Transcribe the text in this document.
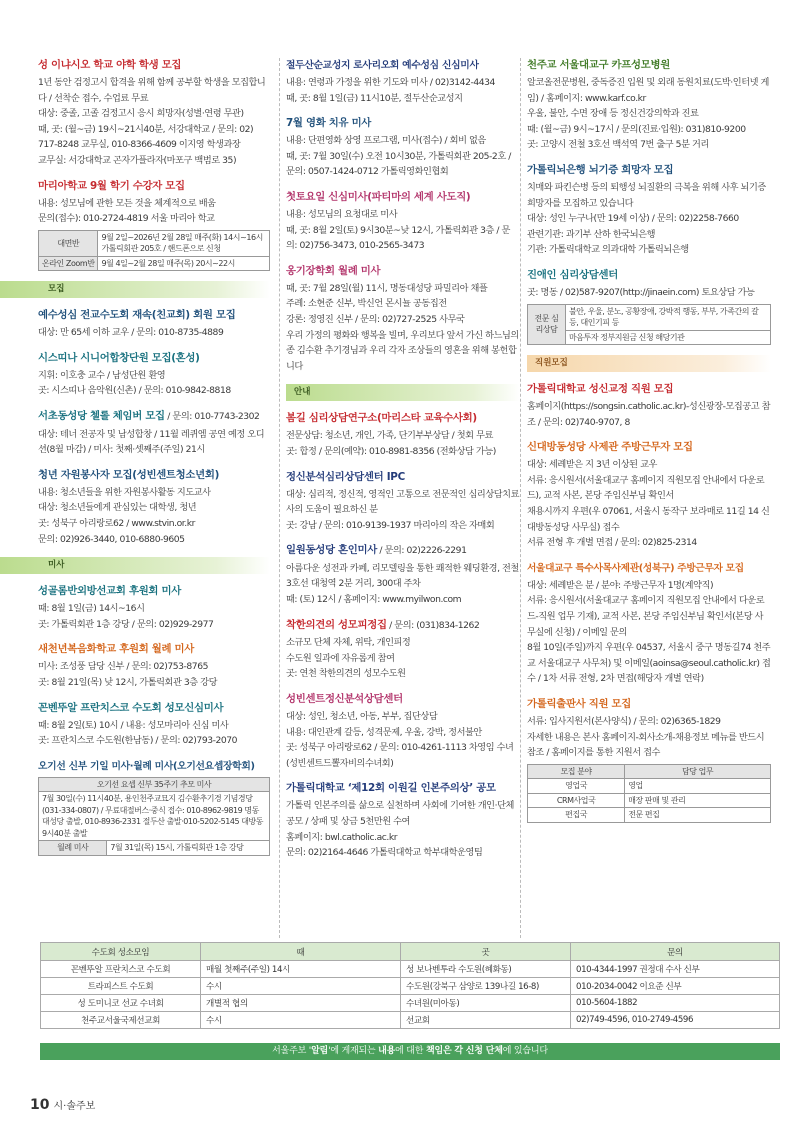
성 이냐시오 학교 야학 학생 모집
1년 동안 검정고시 합격을 위해 함께 공부할 학생을 모집합니다 / 선착순 접수, 수업료 무료
대상: 중졸, 고졸 검정고시 응시 희망자(성별·연령 무관)
때, 곳: (월~금) 19시~21시40분, 서강대학교 / 문의: 02) 717-8248 교무실, 010-8366-4609 이지영 학생과장
교무실: 서강대학교 곤자가플라자(마포구 백범로 35)
마리아학교 9월 학기 수강자 모집
내용: 성모님에 관한 모든 것을 체계적으로 배움
문의(접수): 010-2724-4819 서울 마리아 학교
대면반	9월 2일~2026년 2월 28일 매주(화) 14시~16시 가톨릭회관 205호 / 핸드폰으로 신청
온라인 Zoom반	9월 4일~2월 28일 매주(목) 20시~22시
모집
예수성심 전교수도회 재속(친교회) 회원 모집
대상: 만 65세 이하 교우 / 문의: 010-8735-4889
시스띠나 시니어합창단원 모집(혼성)
지휘: 이호충 교수 / 남성단원 환영
곳: 시스띠나 음악원(신촌) / 문의: 010-9842-8818
서초동성당 첼롤 체임버 모집 / 문의: 010-7743-2302
대상: 테너 전공자 및 남성합창 / 11월 레퀴엠 공연 예정 오디션(8월 마감) / 미사: 첫째·셋째주(주일) 21시
청년 자원봉사자 모집(성빈센트청소년회)
내용: 청소년들을 위한 자원봉사활동 지도교사
대상: 청소년들에게 관심있는 대학생, 청년
곳: 성북구 아리랑로62 / www.stvin.or.kr
문의: 02)926-3440, 010-6880-9605
미사
성골롬반외방선교회 후원회 미사
때: 8월 1일(금) 14시~16시
곳: 가톨릭회관 1층 강당 / 문의: 02)929-2977
새천년복음화학교 후원회 월례 미사
미사: 조성풍 담당 신부 / 문의: 02)753-8765
곳: 8월 21일(목) 낮 12시, 가톨릭회관 3층 강당
꼰벤뚜알 프란치스코 수도회 성모신심미사
때: 8월 2일(토) 10시 / 내용: 성모마리아 신심 미사
곳: 프란치스코 수도원(한남동) / 문의: 02)793-2070
오기선 신부 기일 미사·월례 미사(오기선요셉장학회)
오기선 요셉 신부 35주기 추모 미사
7월 30일(수) 11시40분, 용인천주교묘지 김수환추기경 기념경당(031-334-0807) / 무료대절버스·중식 접수: 010-8962-9819 명동대성당 출발, 010-8936-2331 절두산 출발·010-5202-5145 대방동 9시40분 출발
월례 미사	7월 31일(목) 15시, 가톨릭회관 1층 강당
절두산순교성지 로사리오회 예수성심 신심미사
내용: 연령과 가정을 위한 기도와 미사 / 02)3142-4434
때, 곳: 8월 1일(금) 11시10분, 절두산순교성지
7월 영화 치유 미사
내용: 단편영화 상영 프로그램, 미사(접수) / 회비 없음
때, 곳: 7월 30일(수) 오전 10시30분, 가톨릭회관 205-2호 / 문의: 0507-1424-0712 가톨릭영화인협회
첫토요일 신심미사(파티마의 세계 사도직)
내용: 성모님의 요청대로 미사
때, 곳: 8월 2일(토) 9시30분~낮 12시, 가톨릭회관 3층 / 문의: 02)756-3473, 010-2565-3473
옹기장학회 월례 미사
때, 곳: 7월 28일(월) 11시, 명동대성당 파밀리아 채플
주례: 소현준 신부, 박신언 몬시뇰 공동집전
강론: 정영진 신부 / 문의: 02)727-2525 사무국
우리 가정의 평화와 행복을 빌며, 우리보다 앞서 가신 하느님의 종 김수환 추기경님과 우리 각자 조상들의 영혼을 위해 봉헌합니다
안내
봄길 심리상담연구소(마리스타 교육수사회)
전문상담: 청소년, 개인, 가족, 단기부부상담 / 첫회 무료
곳: 합정 / 문의(예약): 010-8981-8356 (전화상담 가능)
정신분석심리상담센터 IPC
대상: 심리적, 정신적, 영적인 고통으로 전문적인 심리상담치료사의 도움이 필요하신 분
곳: 강남 / 문의: 010-9139-1937 마리아의 작은 자매회
일원동성당 혼인미사 / 문의: 02)2226-2291
아름다운 성전과 카페, 리모델링을 통한 쾌적한 웨딩환경, 전철 3호선 대청역 2분 거리, 300대 주차
때: (토) 12시 / 홈페이지: www.myilwon.com
착한의견의 성모피정집 / 문의: (031)834-1262
소규모 단체 자체, 위탁, 개인피정
수도원 일과에 자유롭게 참여
곳: 연천 착한의견의 성모수도원
성빈센트정신분석상담센터
대상: 성인, 청소년, 아동, 부부, 집단상담
내용: 대인관계 갈등, 성격문제, 우울, 강박, 정서불안
곳: 성북구 아리랑로62 / 문의: 010-4261-1113 차영임 수녀(성빈센트드뽈자비의수녀회)
가톨릭대학교 ‘제12회 이원길 인본주의상’ 공모
가톨릭 인본주의를 삶으로 실천하며 사회에 기여한 개인·단체 공모 / 상패 및 상금 5천만원 수여
홈페이지: bwl.catholic.ac.kr
문의: 02)2164-4646 가톨릭대학교 학부대학운영팀
천주교 서울대교구 카프성모병원
알코올전문병원, 중독증진 입원 및 외래 동원치료(도박·인터넷 게임) / 홈페이지: www.karf.co.kr
우울, 불안, 수면 장애 등 정신건강의학과 진료
때: (월~금) 9시~17시 / 문의(진료·입원): 031)810-9200
곳: 고양시 전철 3호선 백석역 7번 출구 5분 거리
가톨릭뇌은행 뇌기증 희망자 모집
치매와 파킨슨병 등의 퇴행성 뇌질환의 극복을 위해 사후 뇌기증 희망자를 모집하고 있습니다
대상: 성인 누구나(만 19세 이상) / 문의: 02)2258-7660
관련기관: 과기부 산하 한국뇌은행
기관: 가톨릭대학교 의과대학 가톨릭뇌은행
진애인 심리상담센터
곳: 명동 / 02)587-9207(http://jinaein.com) 토요상담 가능
전문 심리상담	불안, 우울, 분노, 공황장애, 강박적 행동, 부부, 가족간의 갈등, 대인기피 등
마음투자 정부지원금 신청 해당기관
직원모집
가톨릭대학교 성신교정 직원 모집
홈페이지(https://songsin.catholic.ac.kr)-성신광장-모집공고 참조 / 문의: 02)740-9707, 8
신대방동성당 사제관 주방근무자 모집
대상: 세례받은 지 3년 이상된 교우
서류: 응시원서(서울대교구 홈페이지 직원모집 안내에서 다운로드), 교적 사본, 본당 주임신부님 확인서
채용시까지 우편(우 07061, 서울시 동작구 보라매로 11길 14 신대방동성당 사무실) 접수
서류 전형 후 개별 면접 / 문의: 02)825-2314
서울대교구 특수사목사제관(성북구) 주방근무자 모집
대상: 세례받은 분 / 분야: 주방근무자 1명(계약직)
서류: 응시원서(서울대교구 홈페이지 직원모집 안내에서 다운로드-직원 업무 기재), 교적 사본, 본당 주임신부님 확인서(본당 사무실에 신청) / 이메일 문의
8월 10일(주일)까지 우편(우 04537, 서울시 중구 명동길74 천주교 서울대교구 사무처) 및 이메일(aoinsa@seoul.catholic.kr) 접수 / 1차 서류 전형, 2차 면접(해당자 개별 연락)
가톨릭출판사 직원 모집
서류: 입사지원서(본사양식) / 문의: 02)6365-1829
자세한 내용은 본사 홈페이지-회사소개-채용정보 메뉴를 반드시 참조 / 홈페이지를 통한 지원서 접수
모집 분야	담당 업무
영업국	영업
CRM사업국	매장 판매 및 관리
편집국	전문 편집
수도회 성소모임	때	곳	문의
꼰벤뚜알 프란치스코 수도회	매월 첫째주(주일) 14시	성 보나벤투라 수도원(혜화동)	010-4344-1997 권정대 수사 신부
트라피스트 수도회	수시	수도원(강북구 삼양로 139나길 16-8)	010-2034-0042 이요준 신부
성 도미니코 선교 수녀회	개별적 협의	수녀원(미아동)	010-5604-1882
천주교서울국제선교회	수시	선교회	02)749-4596, 010-2749-4596
서울주보 '알림'에 게재되는 내용에 대한 책임은 각 신청 단체에 있습니다
10 시·솔주보
